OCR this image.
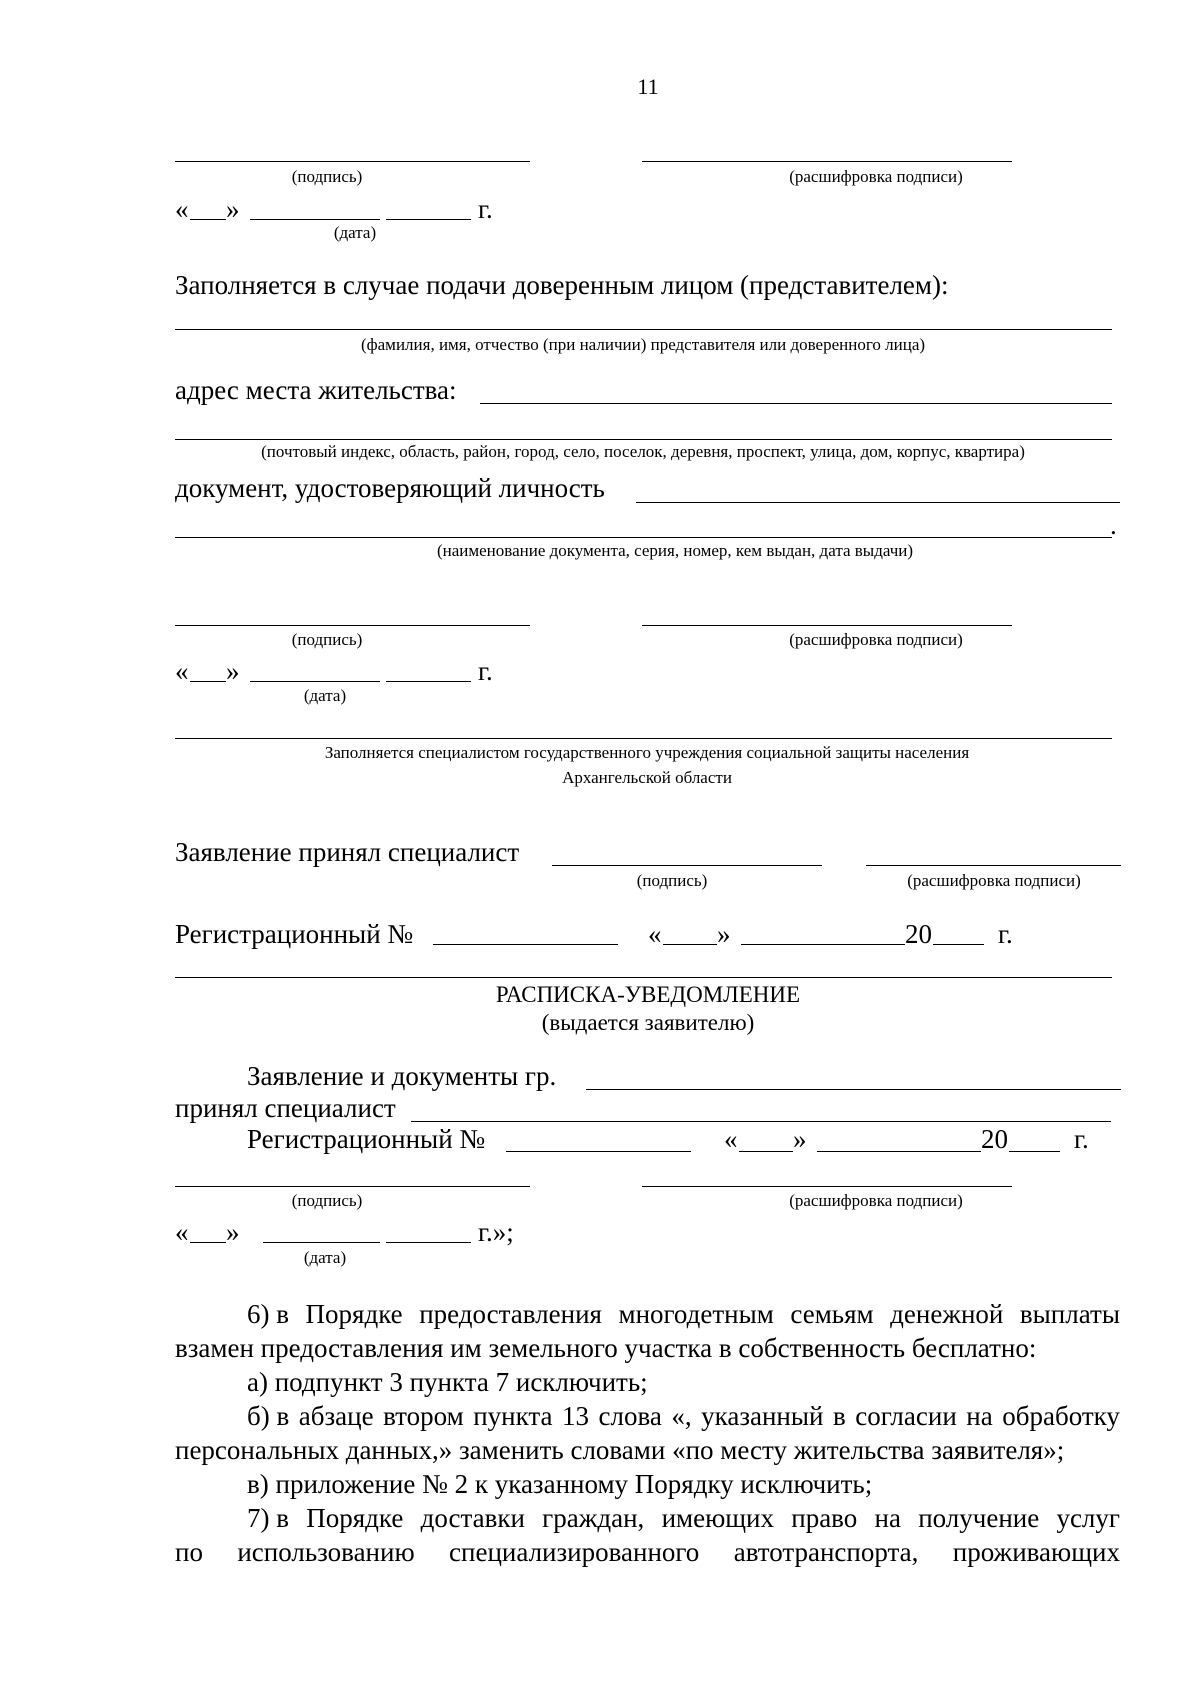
11
(подпись)	(расшифровка подписи)
« »	г.
(дата)
Заполняется в случае подачи доверенным лицом (представителем):
(фамилия, имя, отчество (при наличии) представителя или доверенного лица)
адрес места жительства:
(почтовый индекс, область, район, город, село, поселок, деревня, проспект, улица, дом, корпус, квартира)
документ, удостоверяющий личность
.
(наименование документа, серия, номер, кем выдан, дата выдачи)
(подпись)	(расшифровка подписи)
« »	г.
(дата)
Заполняется специалистом государственного учреждения социальной защиты населения
Архангельской области
Заявление принял специалист
(подпись)	(расшифровка подписи)
Регистрационный №	« »	20 г.
РАСПИСКА-УВЕДОМЛЕНИЕ
(выдается заявителю)
Заявление и документы гр.
принял специалист
Регистрационный №	« »	20 г.
(подпись)	(расшифровка подписи)
« »	г.»;
(дата)
6) в Порядке предоставления многодетным семьям денежной выплаты
взамен предоставления им земельного участка в собственность бесплатно:
а) подпункт 3 пункта 7 исключить;
б) в абзаце втором пункта 13 слова «, указанный в согласии на обработку
персональных данных,» заменить словами «по месту жительства заявителя»;
в) приложение № 2 к указанному Порядку исключить;
7) в Порядке доставки граждан, имеющих право на получение услуг
по использованию специализированного автотранспорта, проживающих
